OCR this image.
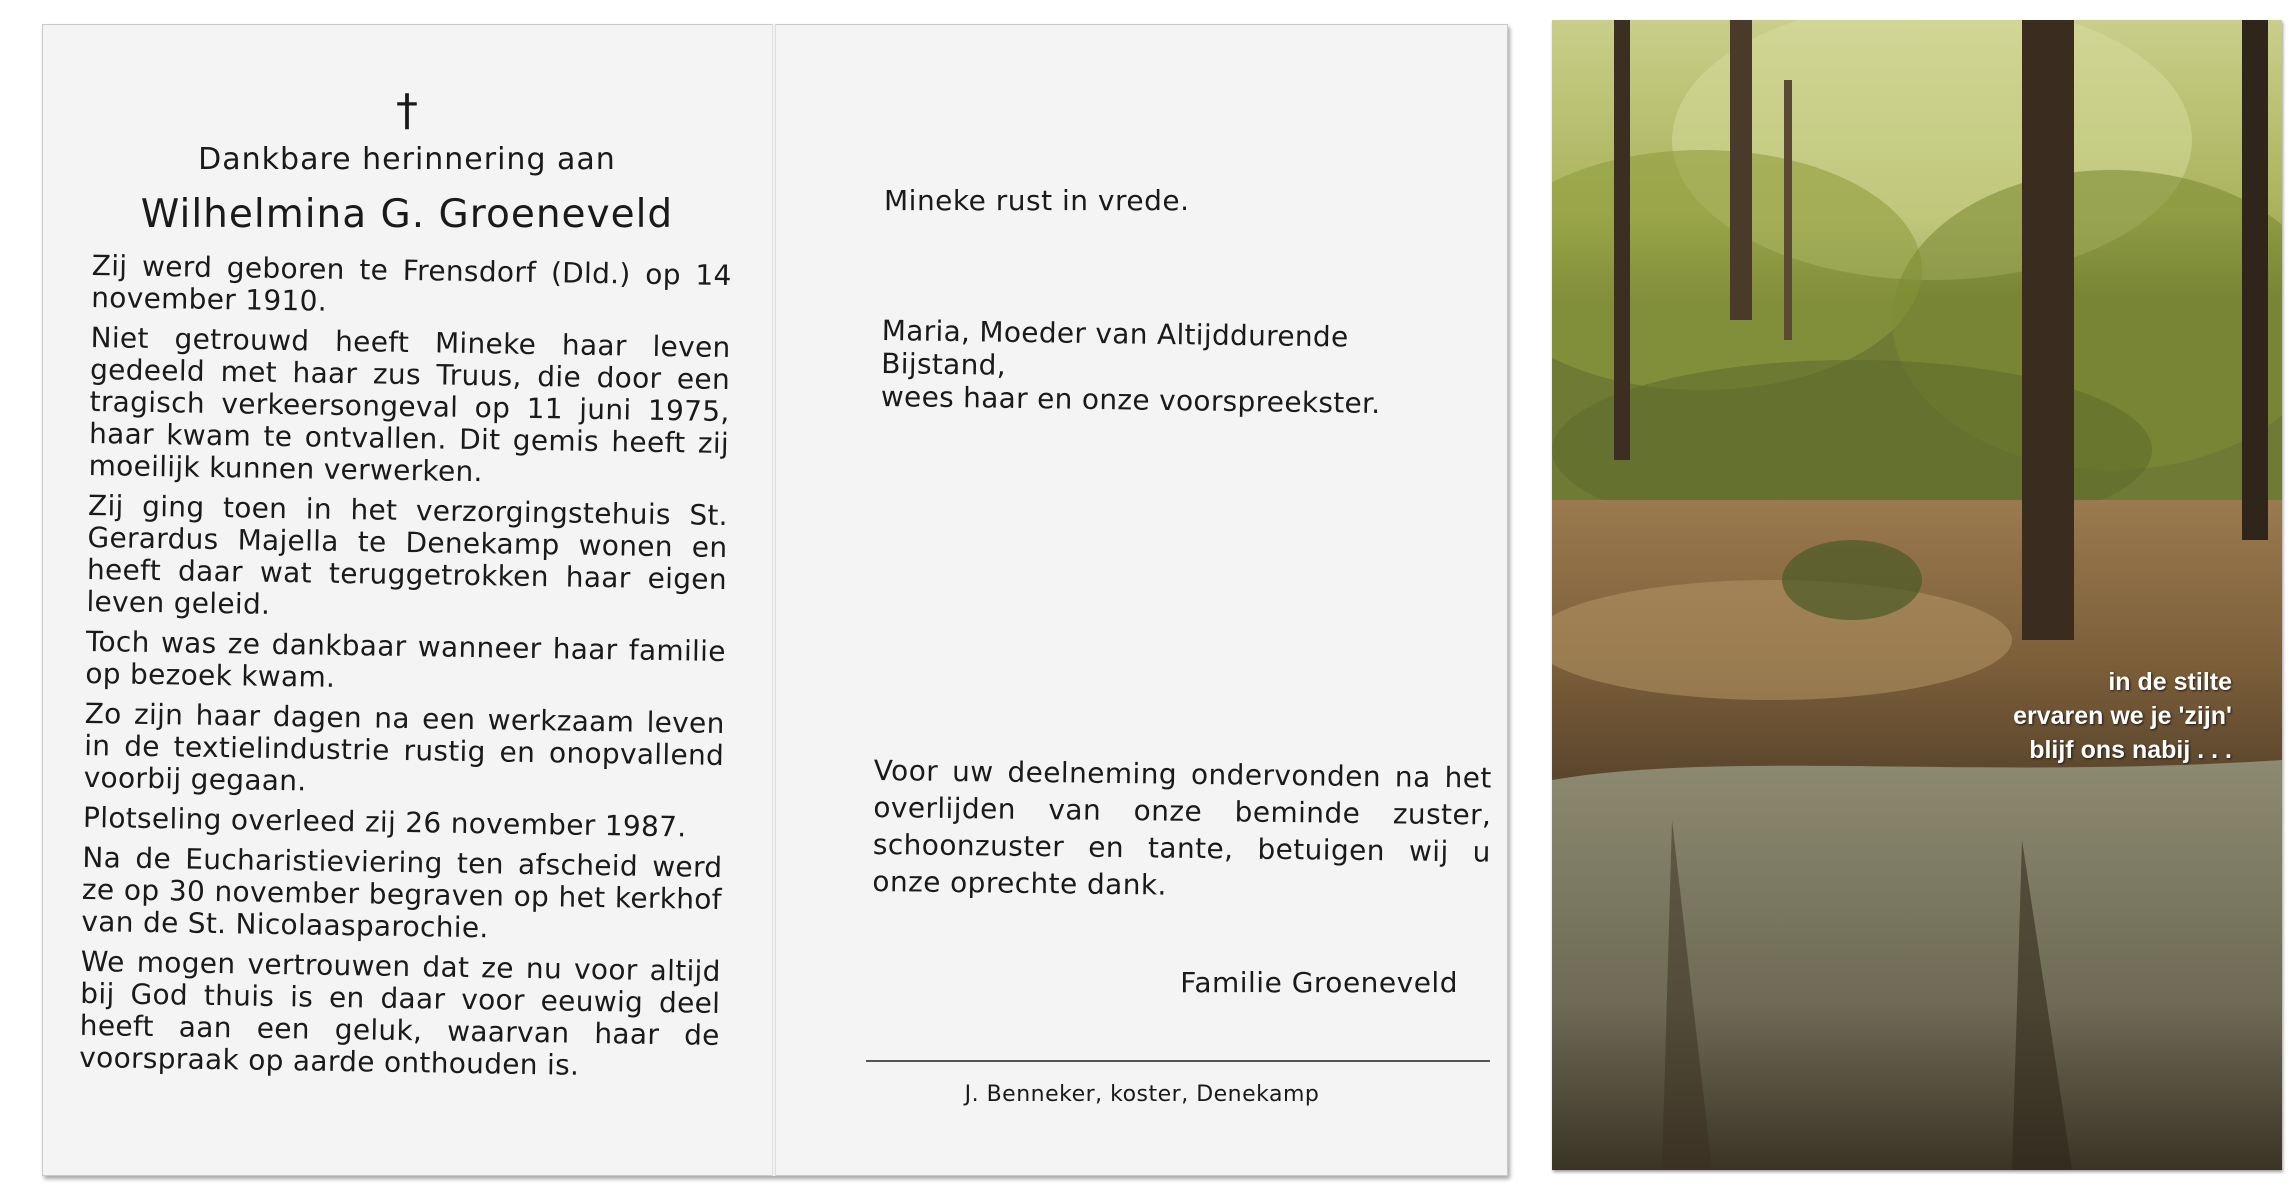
†
Dankbare herinnering aan
Wilhelmina G. Groeneveld

Zij werd geboren te Frensdorf (Dld.) op 14 november 1910.

Niet getrouwd heeft Mineke haar leven gedeeld met haar zus Truus, die door een tragisch verkeersongeval op 11 juni 1975, haar kwam te ontvallen. Dit gemis heeft zij moeilijk kunnen verwerken.

Zij ging toen in het verzorgingstehuis St. Gerardus Majella te Denekamp wonen en heeft daar wat teruggetrokken haar eigen leven geleid.

Toch was ze dankbaar wanneer haar familie op bezoek kwam.

Zo zijn haar dagen na een werkzaam leven in de textielindustrie rustig en onopvallend voorbij gegaan.

Plotseling overleed zij 26 november 1987.

Na de Eucharistieviering ten afscheid werd ze op 30 november begraven op het kerkhof van de St. Nicolaasparochie.

We mogen vertrouwen dat ze nu voor altijd bij God thuis is en daar voor eeuwig deel heeft aan een geluk, waarvan haar de voorspraak op aarde onthouden is.

Mineke rust in vrede.
Maria, Moeder van Altijddurende Bijstand,
wees haar en onze voorspreekster.
Voor uw deelneming ondervonden na het overlijden van onze beminde zuster, schoonzuster en tante, betuigen wij u onze oprechte dank.
Familie Groeneveld
J. Benneker, koster, Denekamp
in de stilte
ervaren we je 'zijn'
blijf ons nabij . . .
